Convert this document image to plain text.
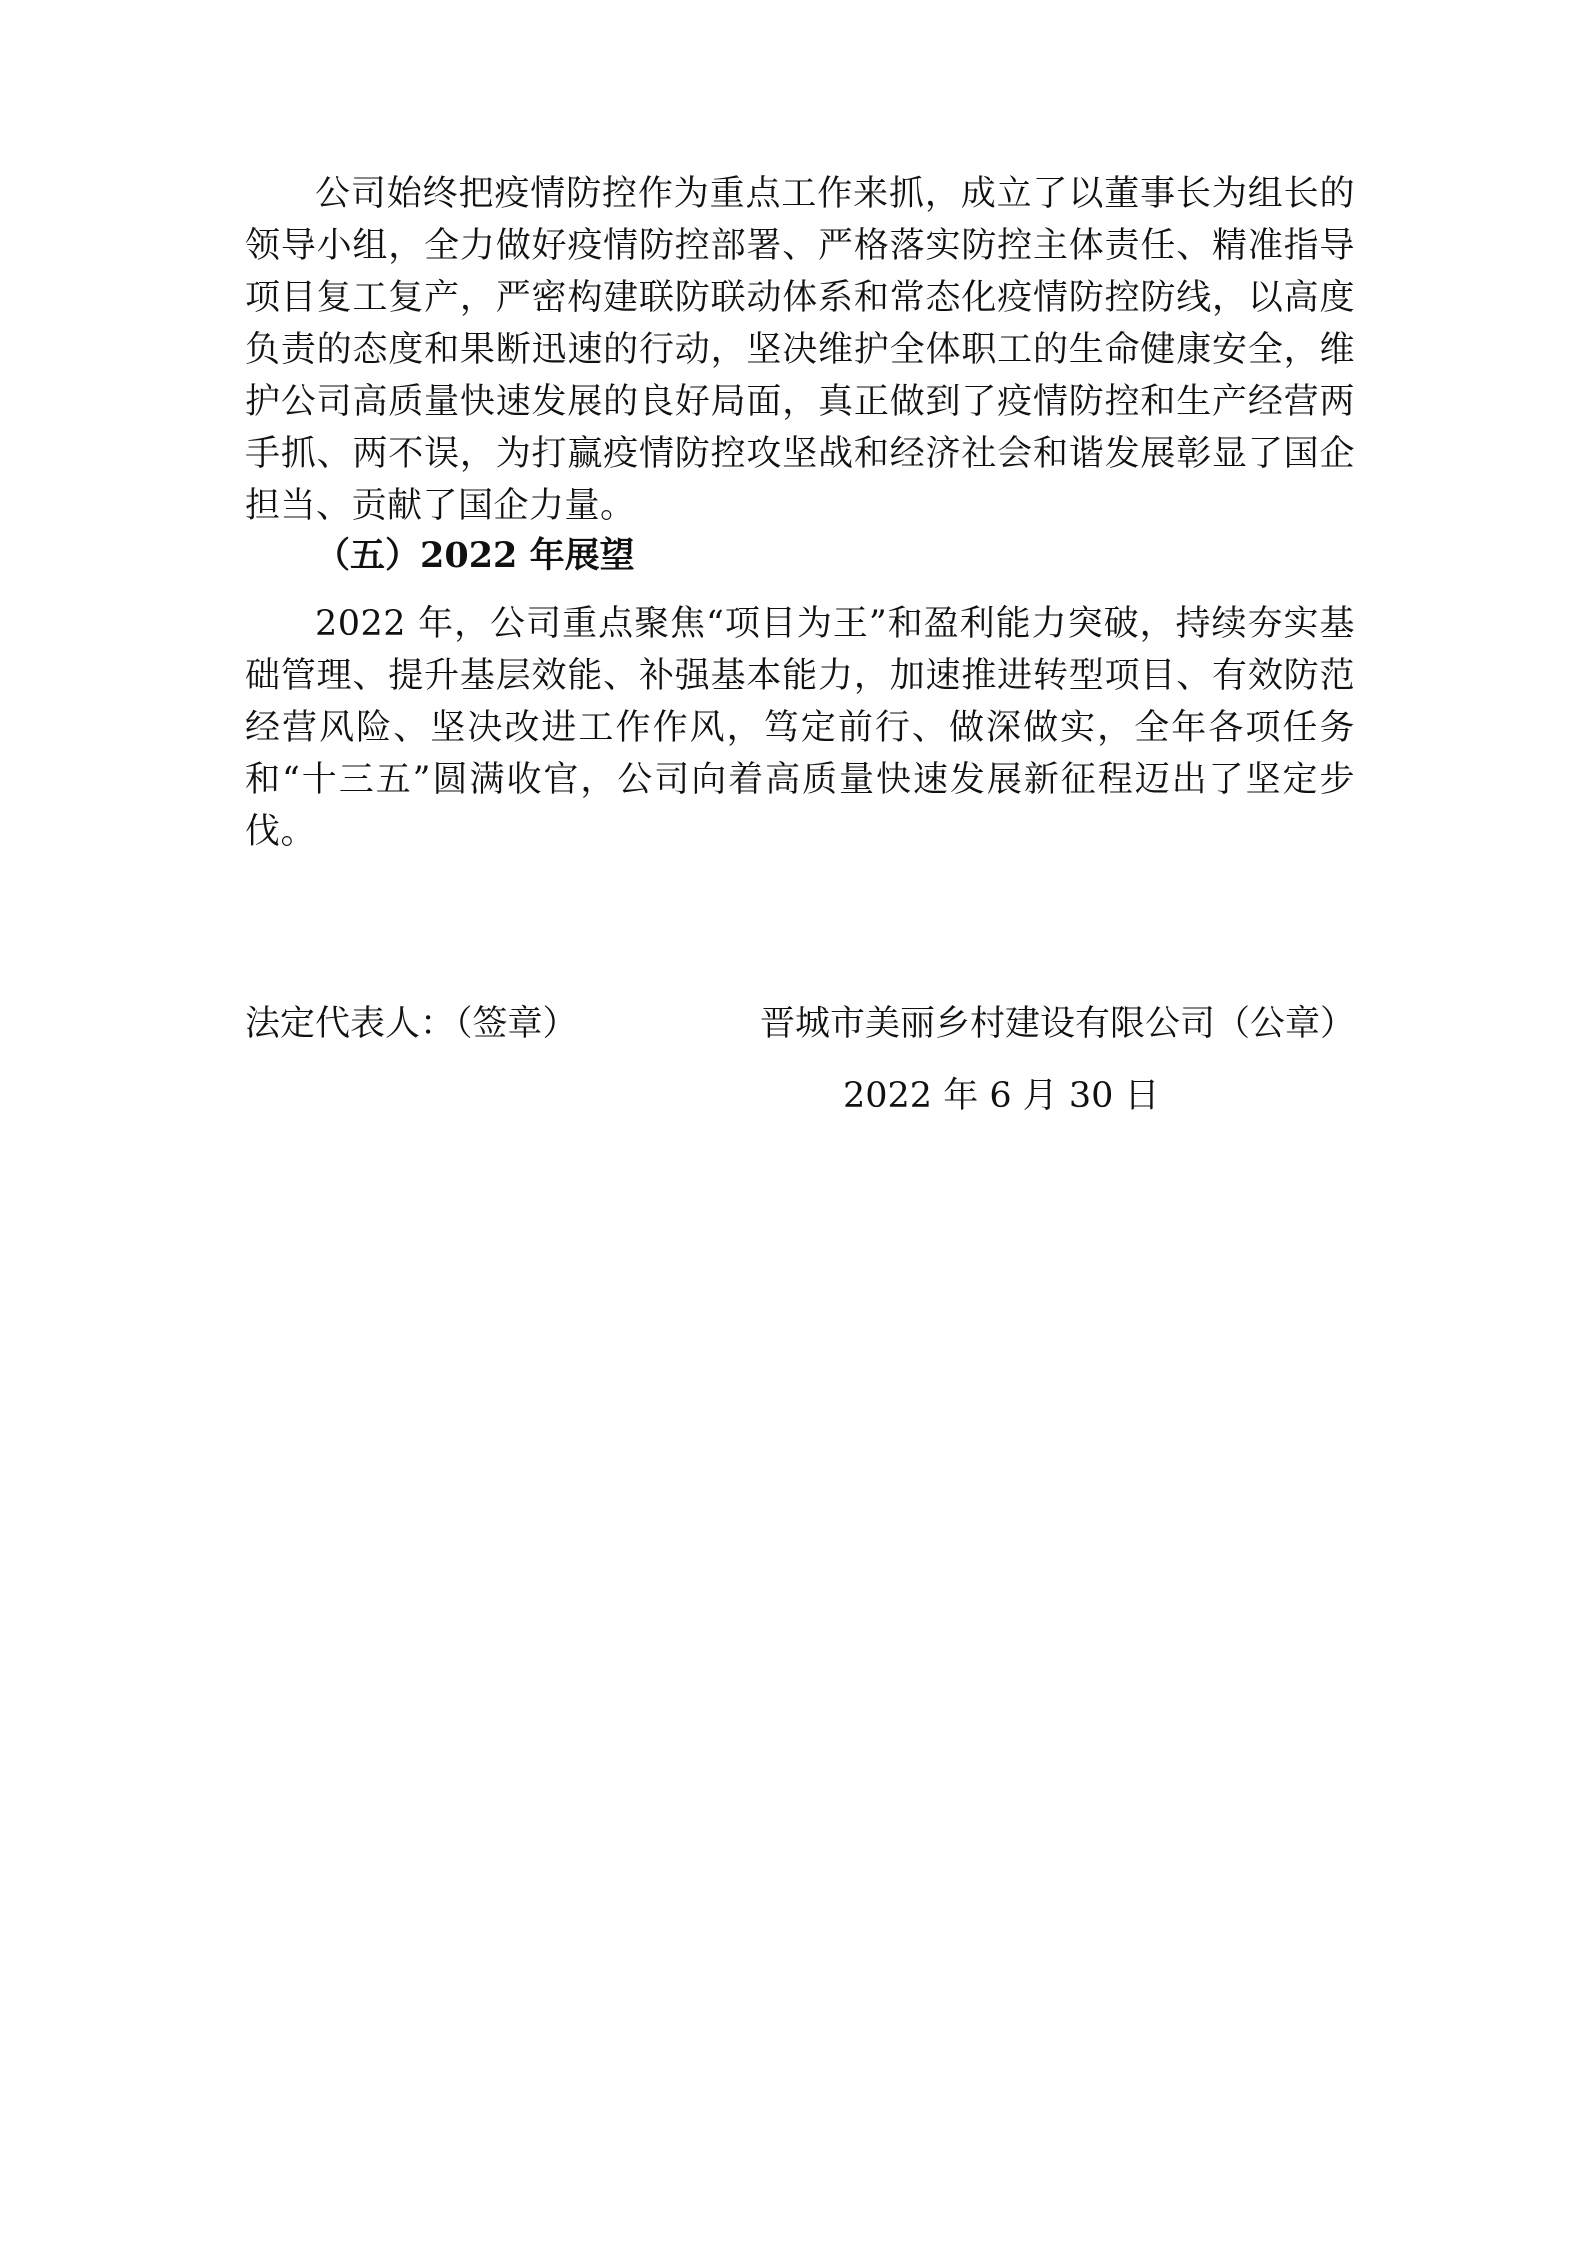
公司始终把疫情防控作为重点工作来抓，成立了以董事长为组长的领导小组，全力做好疫情防控部署、严格落实防控主体责任、精准指导项目复工复产，严密构建联防联动体系和常态化疫情防控防线，以高度负责的态度和果断迅速的行动，坚决维护全体职工的生命健康安全，维护公司高质量快速发展的良好局面，真正做到了疫情防控和生产经营两手抓、两不误，为打赢疫情防控攻坚战和经济社会和谐发展彰显了国企担当、贡献了国企力量。

（五）2022 年展望

2022 年，公司重点聚焦“项目为王”和盈利能力突破，持续夯实基础管理、提升基层效能、补强基本能力，加速推进转型项目、有效防范经营风险、坚决改进工作作风，笃定前行、做深做实，全年各项任务和“十三五”圆满收官，公司向着高质量快速发展新征程迈出了坚定步伐。

法定代表人：（签章）	晋城市美丽乡村建设有限公司（公章）
2022 年 6 月 30 日
